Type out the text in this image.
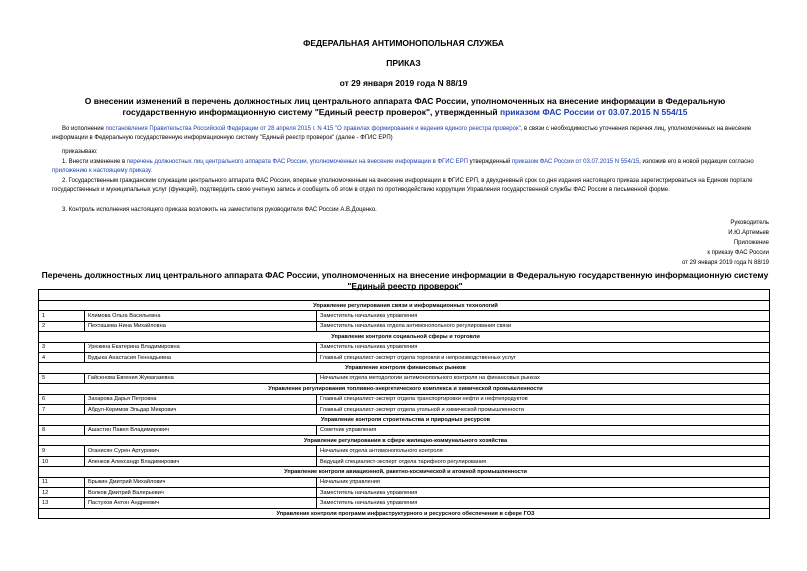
ФЕДЕРАЛЬНАЯ АНТИМОНОПОЛЬНАЯ СЛУЖБА
ПРИКАЗ
от 29 января 2019 года N 88/19
О внесении изменений в перечень должностных лиц центрального аппарата ФАС России, уполномоченных на внесение информации в Федеральную государственную информационную систему "Единый реестр проверок", утвержденный приказом ФАС России от 03.07.2015 N 554/15
Во исполнение постановления Правительства Российской Федерации от 28 апреля 2015 г. N 415 "О правилах формирования и ведения единого реестра проверок", в связи с необходимостью уточнения перечня лиц, уполномоченных на внесение информации в Федеральную государственную информационную систему "Единый реестр проверок" (далее - ФГИС ЕРП)
приказываю:
1. Внести изменение в перечень должностных лиц центрального аппарата ФАС России, уполномоченных на внесение информации в ФГИС ЕРП утвержденный приказом ФАС России от 03.07.2015 N 554/15, изложив его в новой редакции согласно приложению к настоящему приказу.
2. Государственным гражданским служащим центрального аппарата ФАС России, впервые уполномоченным на внесение информации в ФГИС ЕРП, в двухдневный срок со дня издания настоящего приказа зарегистрироваться на Едином портале государственных и муниципальных услуг (функций), подтвердить свою учетную запись и сообщить об этом в отдел по противодействию коррупции Управления государственной службы ФАС России в письменной форме.
3. Контроль исполнения настоящего приказа возложить на заместителя руководителя ФАС России А.В.Доценко.
Руководитель
И.Ю.Артемьев
Приложение
к приказу ФАС России
от 29 января 2019 года N 88/19
Перечень должностных лиц центрального аппарата ФАС России, уполномоченных на внесение информации в Федеральную государственную информационную систему "Единый реестр проверок"
Управление регулирования связи и информационных технологий		
1	Климова Ольга Васильевна	Заместитель начальника управления
2	Пехташева Нина Михайловна	Заместитель начальника отдела антимонопольного регулирования связи
Управление контроля социальной сферы и торговли		
3	Урюкина Екатерина Владимировна	Заместитель начальника управления
4	Будыка Анастасия Геннадьевна	Главный специалист-эксперт отдела торговли и непроизводственных услуг
Управление контроля финансовых рынков		
5	Гайсенова Евгения Жумагазевна	Начальник отдела методологии антимонопольного контроля на финансовых рынках
Управление регулирования топливно-энергетического комплекса и химической промышленности		
6	Захарова Дарья Петровна	Главный специалист-эксперт отдела транспортировки нефти и нефтепродуктов
7	Абдул-Керимов Эльдар Микрович	Главный специалист-эксперт отдела угольной и химической промышленности
Управление контроля строительства и природных ресурсов		
8	Ашастин Павел Владимирович	Советник управления
Управление регулирования в сфере жилищно-коммунального хозяйства		
9	Оганисян Сурен Артурович	Начальник отдела антимонопольного контроля
10	Апенков Александр Владимирович	Ведущий специалист-эксперт отдела тарифного регулирования
Управление контроля авиационной, ракетно-космической и атомной промышленности		
11	Брыкин Дмитрий Михайлович	Начальник управления
12	Волков Дмитрий Валерьевич	Заместитель начальника управления
13	Пастухов Антон Андреевич	Заместитель начальника управления
Управление контроля программ инфраструктурного и ресурсного обеспечения в сфере ГОЗ		
